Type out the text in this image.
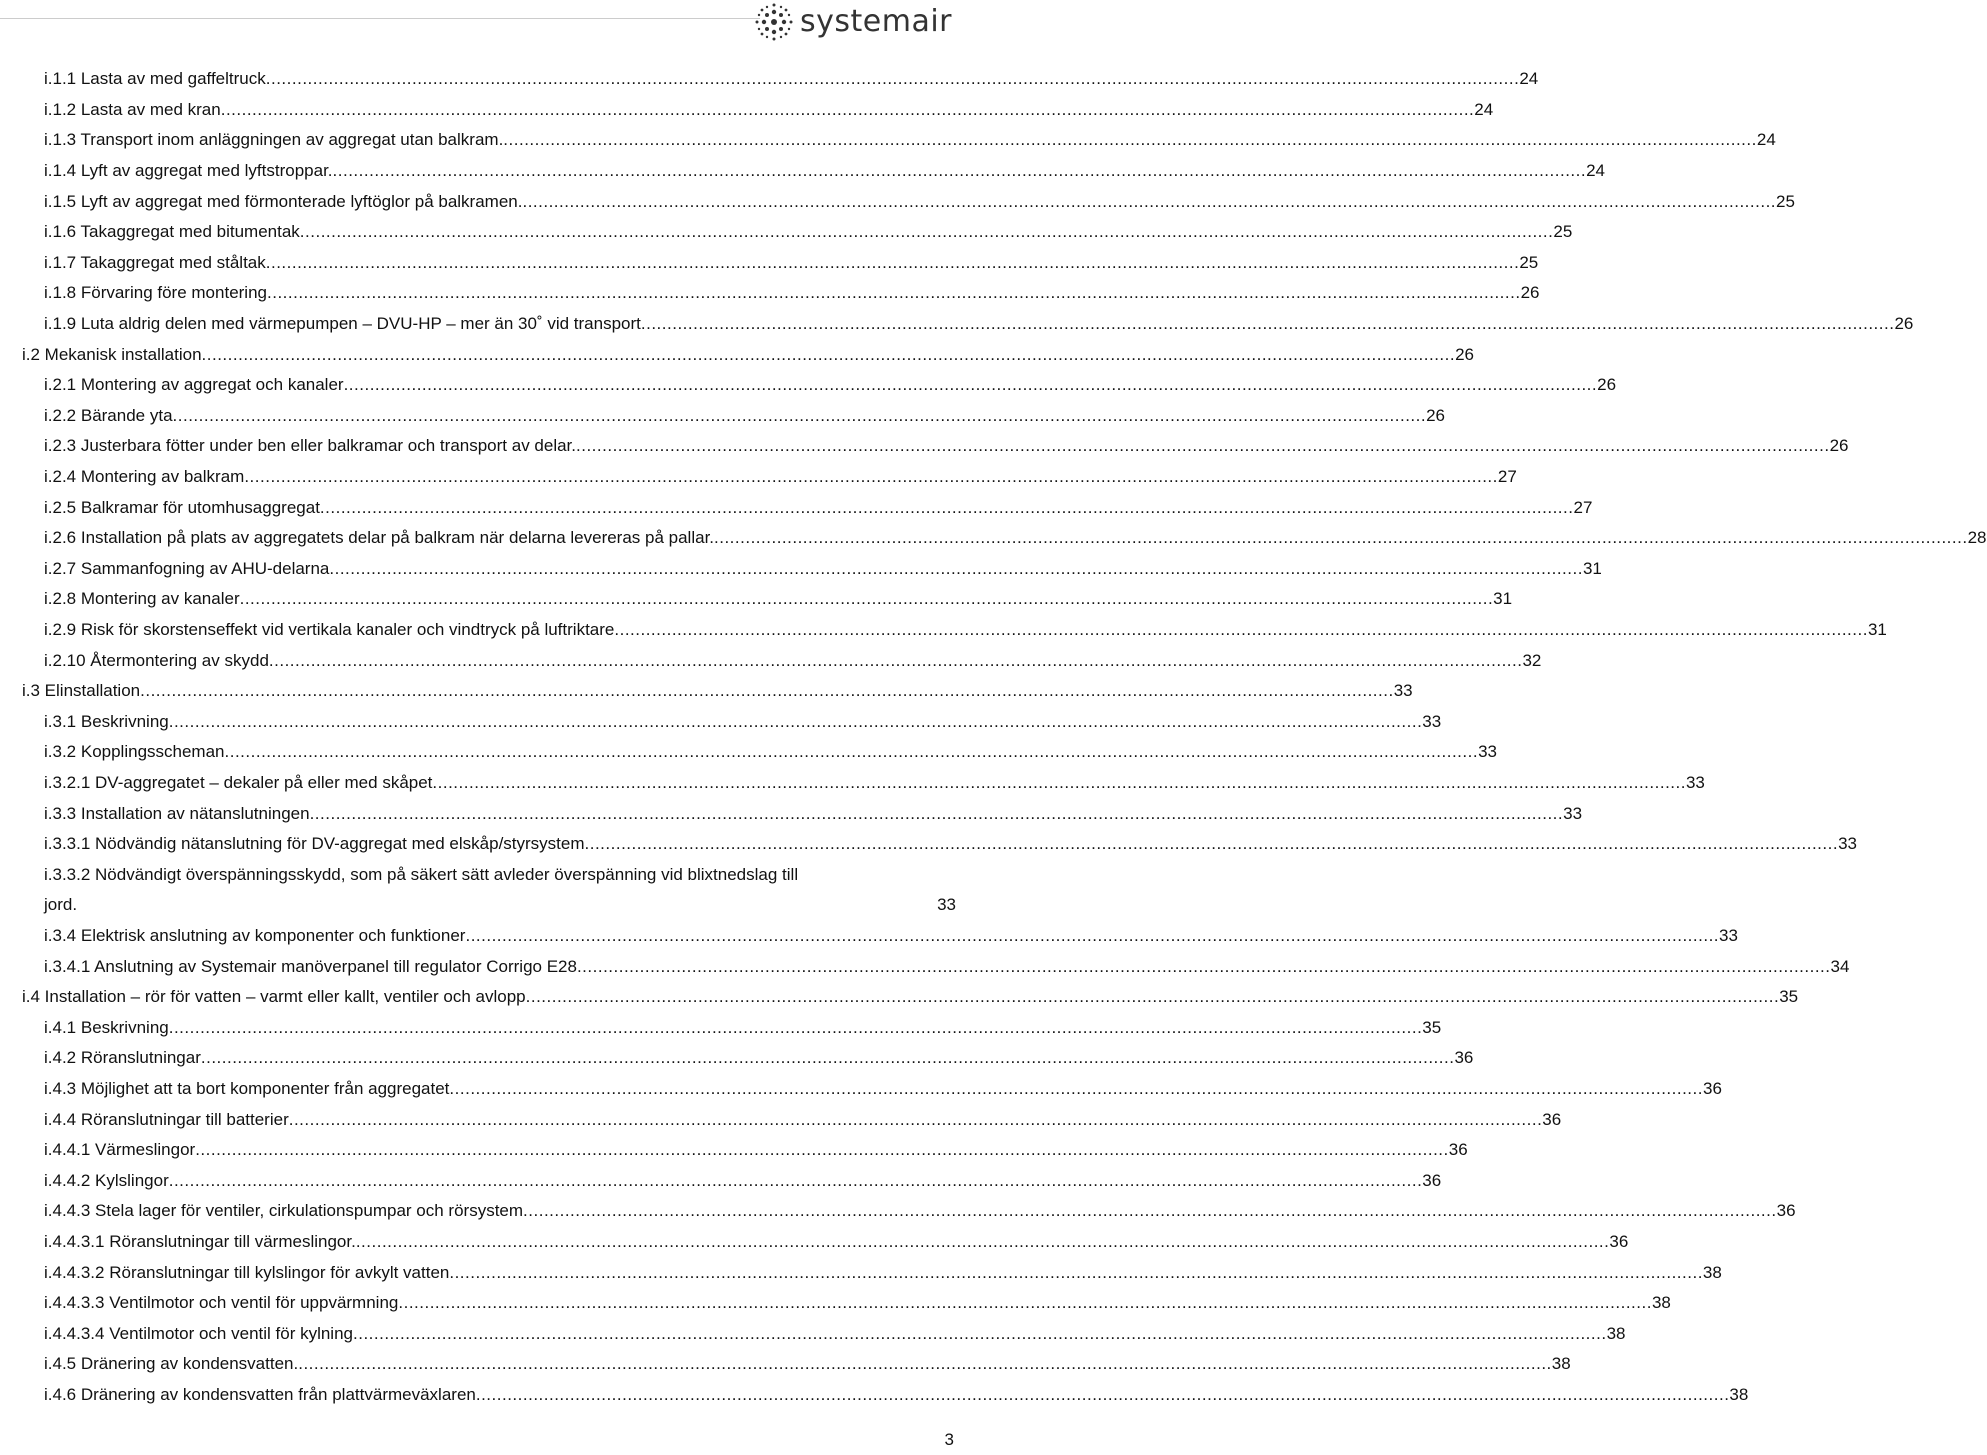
systemair
i.1.1 Lasta av med gaffeltruck .....	24
i.1.2 Lasta av med kran .....	24
i.1.3 Transport inom anläggningen av aggregat utan balkram. .....	24
i.1.4 Lyft av aggregat med lyftstroppar. .....	24
i.1.5 Lyft av aggregat med förmonterade lyftöglor på balkramen. .....	25
i.1.6 Takaggregat med bitumentak .....	25
i.1.7 Takaggregat med ståltak .....	25
i.1.8 Förvaring före montering .....	26
i.1.9 Luta aldrig delen med värmepumpen – DVU-HP – mer än 30˚ vid transport .....	26
i.2 Mekanisk installation .....	26
i.2.1 Montering av aggregat och kanaler .....	26
i.2.2 Bärande yta .....	26
i.2.3 Justerbara fötter under ben eller balkramar och transport av delar. .....	26
i.2.4 Montering av balkram .....	27
i.2.5 Balkramar för utomhusaggregat .....	27
i.2.6 Installation på plats av aggregatets delar på balkram när delarna levereras på pallar. .....	28
i.2.7 Sammanfogning av AHU-delarna .....	31
i.2.8 Montering av kanaler .....	31
i.2.9 Risk för skorstenseffekt vid vertikala kanaler och vindtryck på luftriktare .....	31
i.2.10 Återmontering av skydd .....	32
i.3 Elinstallation .....	33
i.3.1 Beskrivning .....	33
i.3.2 Kopplingsscheman .....	33
i.3.2.1 DV-aggregatet – dekaler på eller med skåpet .....	33
i.3.3 Installation av nätanslutningen .....	33
i.3.3.1 Nödvändig nätanslutning för DV-aggregat med elskåp/styrsystem .....	33
i.3.3.2 Nödvändigt överspänningsskydd, som på säkert sätt avleder överspänning vid blixtnedslag till
jord.	33
i.3.4 Elektrisk anslutning av komponenter och funktioner .....	33
i.3.4.1 Anslutning av Systemair manöverpanel till regulator Corrigo E28 .....	34
i.4 Installation – rör för vatten – varmt eller kallt, ventiler och avlopp .....	35
i.4.1 Beskrivning .....	35
i.4.2 Röranslutningar .....	36
i.4.3 Möjlighet att ta bort komponenter från aggregatet .....	36
i.4.4 Röranslutningar till batterier .....	36
i.4.4.1 Värmeslingor .....	36
i.4.4.2 Kylslingor .....	36
i.4.4.3 Stela lager för ventiler, cirkulationspumpar och rörsystem .....	36
i.4.4.3.1 Röranslutningar till värmeslingor. .....	36
i.4.4.3.2 Röranslutningar till kylslingor för avkylt vatten .....	38
i.4.4.3.3 Ventilmotor och ventil för uppvärmning .....	38
i.4.4.3.4 Ventilmotor och ventil för kylning .....	38
i.4.5 Dränering av kondensvatten. .....	38
i.4.6 Dränering av kondensvatten från plattvärmeväxlaren .....	38
3
